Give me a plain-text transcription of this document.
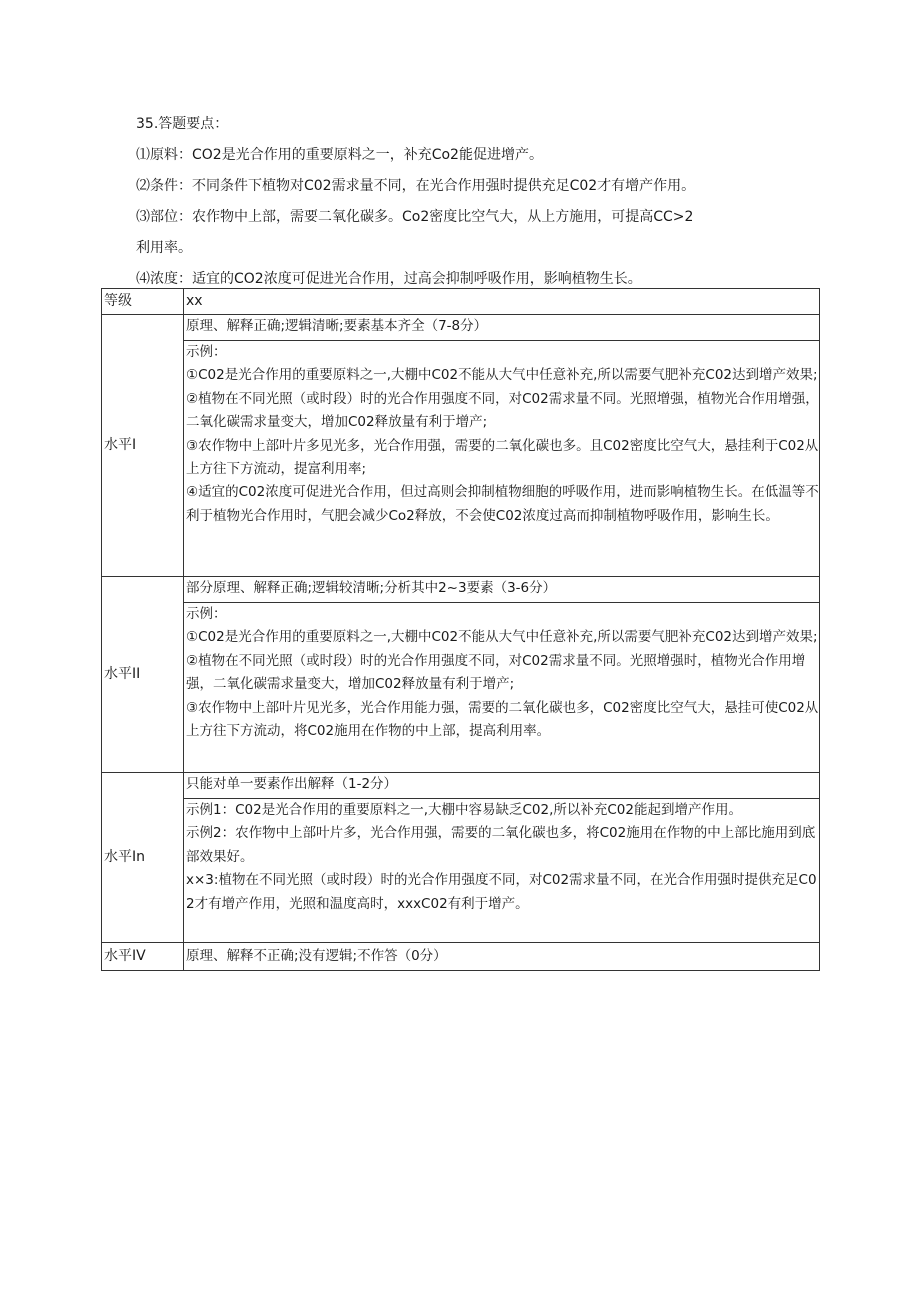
35.答题要点：

⑴原料：CO2是光合作用的重要原料之一，补充Co2能促进增产。

⑵条件：不同条件下植物对C02需求量不同，在光合作用强时提供充足C02才有增产作用。

⑶部位：农作物中上部，需要二氧化碳多。Co2密度比空气大，从上方施用，可提高CC>2

利用率。

⑷浓度：适宜的CO2浓度可促进光合作用，过高会抑制呼吸作用，影响植物生长。

等级	xx
水平I	原理、解释正确;逻辑清晰;要素基本齐全（7-8分）

	示例：
①C02是光合作用的重要原料之一,大棚中C02不能从大气中任意补充,所以需要气肥补充C02达到增产效果;
②植物在不同光照（或时段）时的光合作用强度不同，对C02需求量不同。光照增强，植物光合作用增强，二氧化碳需求量变大，增加C02释放量有利于增产;
③农作物中上部叶片多见光多，光合作用强，需要的二氧化碳也多。且C02密度比空气大，悬挂利于C02从上方往下方流动，提富利用率;
④适宜的C02浓度可促进光合作用，但过高则会抑制植物细胞的呼吸作用，进而影响植物生长。在低温等不利于植物光合作用时，气肥会减少Co2释放，不会使C02浓度过高而抑制植物呼吸作用，影响生长。

水平II	部分原理、解释正确;逻辑较清晰;分析其中2~3要素（3-6分）

	示例：
①C02是光合作用的重要原料之一,大棚中C02不能从大气中任意补充,所以需要气肥补充C02达到增产效果;
②植物在不同光照（或时段）时的光合作用强度不同，对C02需求量不同。光照增强时，植物光合作用增强，二氧化碳需求量变大，增加C02释放量有利于增产;
③农作物中上部叶片见光多，光合作用能力强，需要的二氧化碳也多，C02密度比空气大，悬挂可使C02从上方往下方流动，将C02施用在作物的中上部，提高利用率。

水平In	只能对单一要素作出解释（1-2分）

	示例1：C02是光合作用的重要原料之一,大棚中容易缺乏C02,所以补充C02能起到增产作用。
示例2：农作物中上部叶片多，光合作用强，需要的二氧化碳也多，将C02施用在作物的中上部比施用到底部效果好。
x×3:植物在不同光照（或时段）时的光合作用强度不同，对C02需求量不同，在光合作用强时提供充足C02才有增产作用，光照和温度高时，xxxC02有利于增产。

水平IV	原理、解释不正确;没有逻辑;不作答（0分）
